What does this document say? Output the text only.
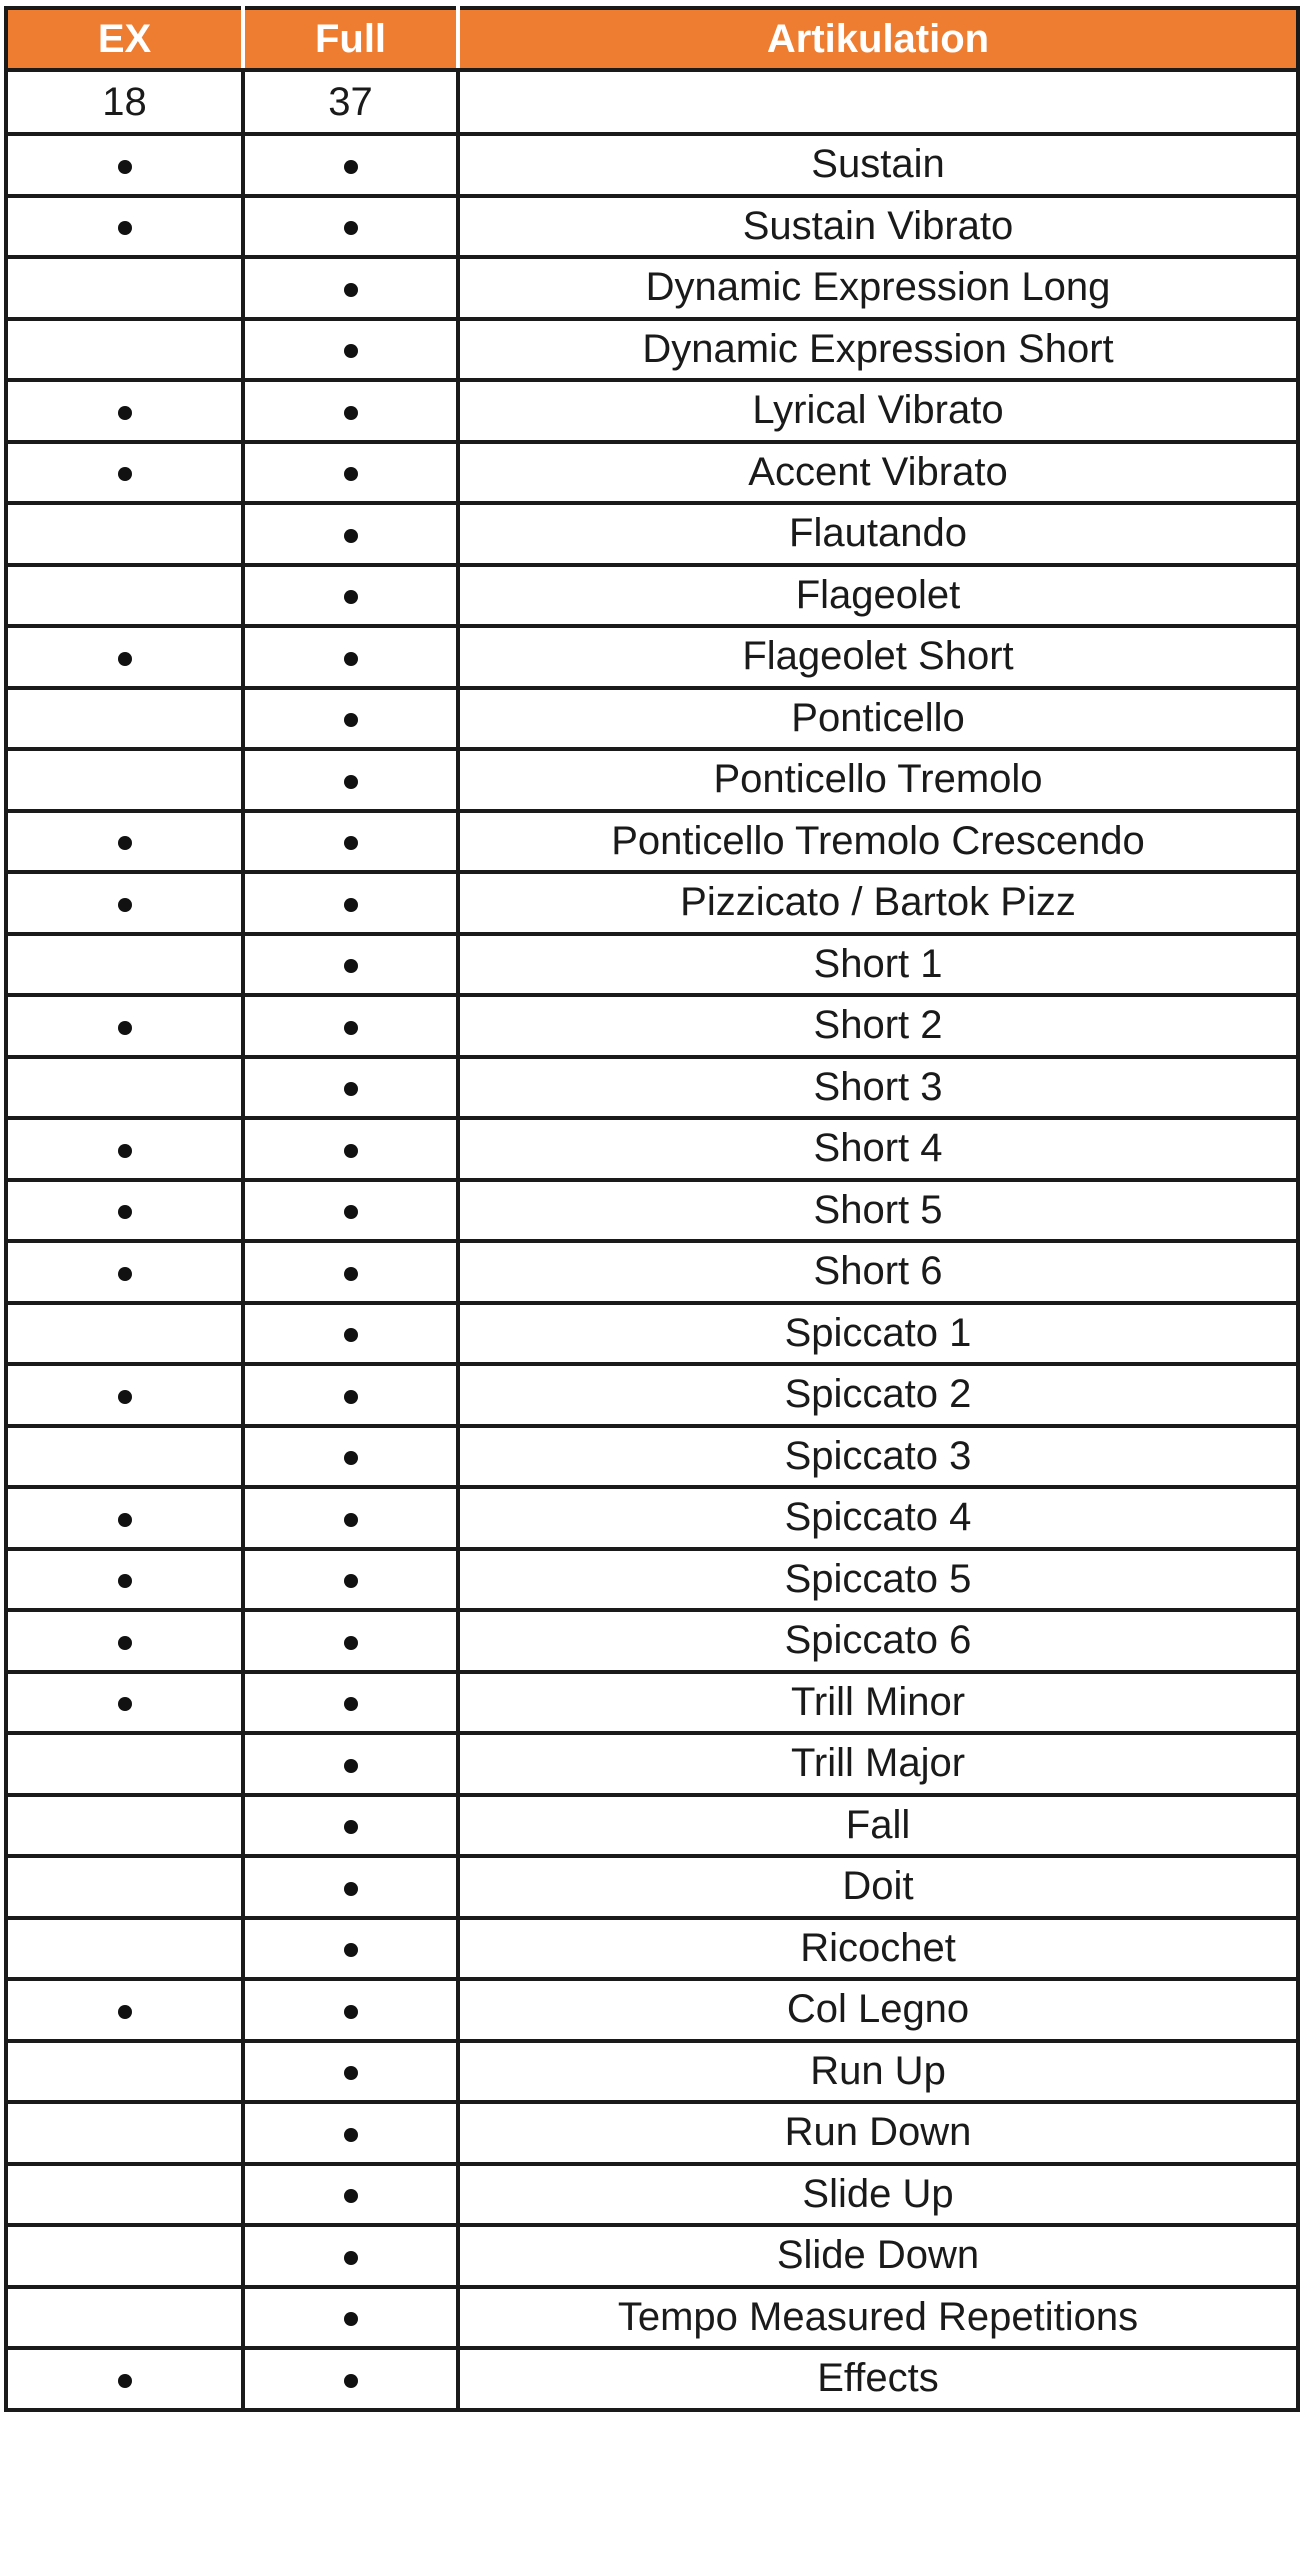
EX	Full	Artikulation
18	37	
		Sustain
		Sustain Vibrato
		Dynamic Expression Long
		Dynamic Expression Short
		Lyrical Vibrato
		Accent Vibrato
		Flautando
		Flageolet
		Flageolet Short
		Ponticello
		Ponticello Tremolo
		Ponticello Tremolo Crescendo
		Pizzicato / Bartok Pizz
		Short 1
		Short 2
		Short 3
		Short 4
		Short 5
		Short 6
		Spiccato 1
		Spiccato 2
		Spiccato 3
		Spiccato 4
		Spiccato 5
		Spiccato 6
		Trill Minor
		Trill Major
		Fall
		Doit
		Ricochet
		Col Legno
		Run Up
		Run Down
		Slide Up
		Slide Down
		Tempo Measured Repetitions
		Effects
